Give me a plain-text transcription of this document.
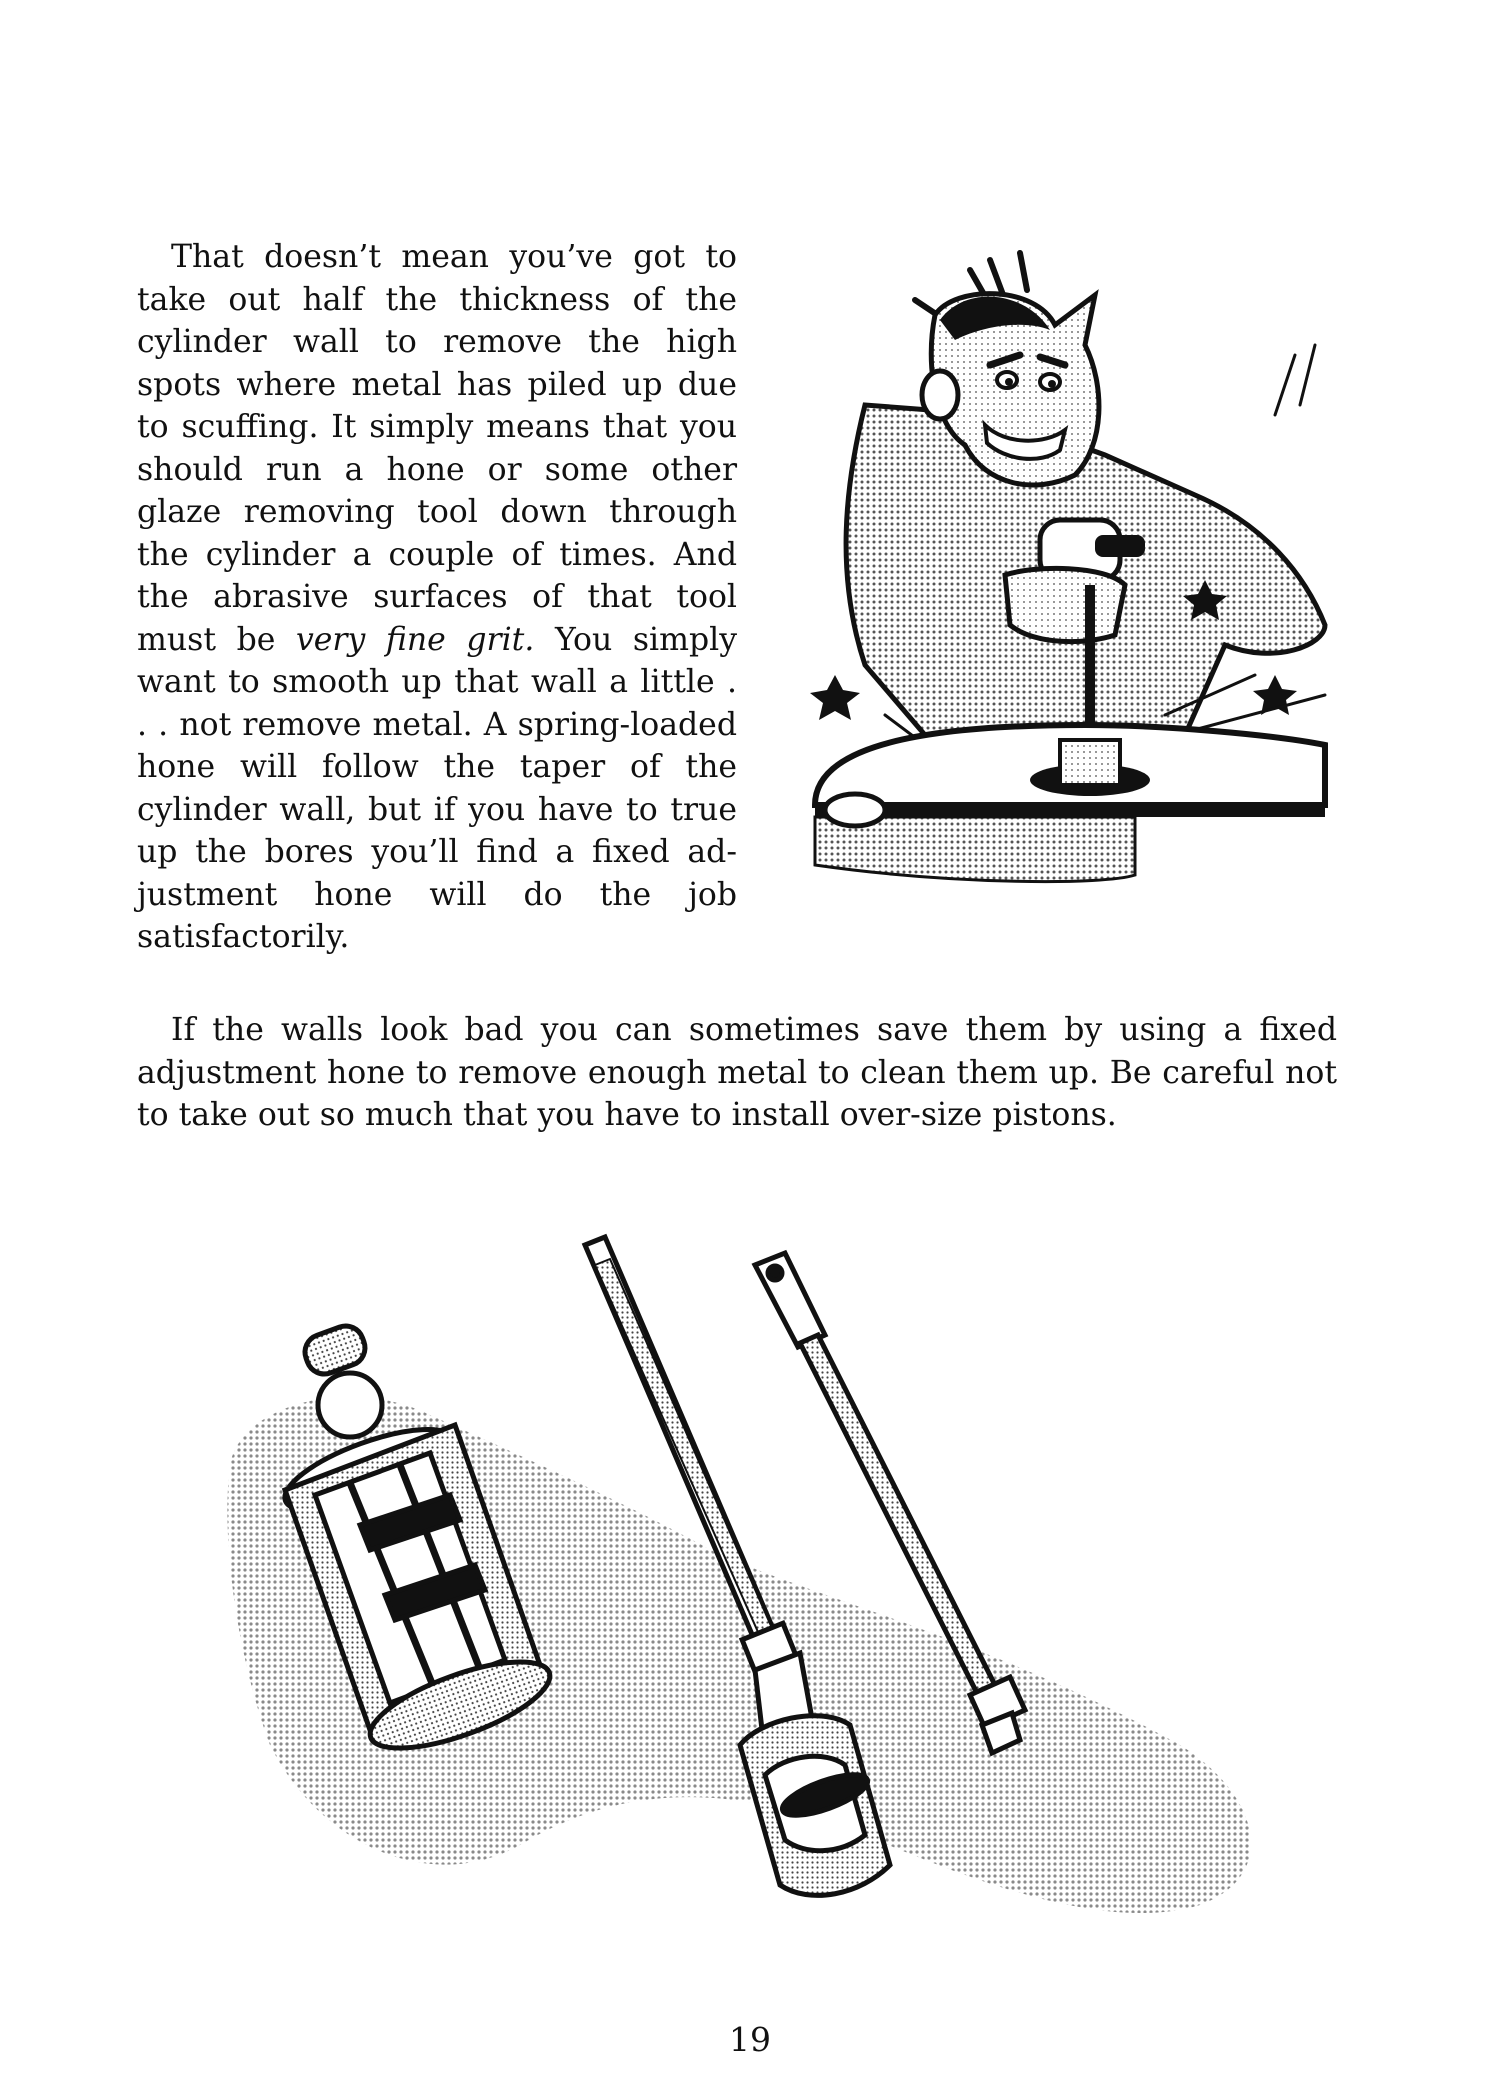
That doesn’t mean you’ve got to take out half the thickness of the cylinder wall to remove the high spots where metal has piled up due to scuffing. It simply means that you should run a hone or some other glaze removing tool down through the cylinder a couple of times. And the abrasive surfaces of that tool must be very fine grit. You simply want to smooth up that wall a little . . . not remove metal. A spring-loaded hone will follow the taper of the cylinder wall, but if you have to true up the bores you’ll find a fixed ad-justment hone will do the job satisfactorily.

If the walls look bad you can sometimes save them by using a fixed adjustment hone to remove enough metal to clean them up. Be careful not to take out so much that you have to install over-size pistons.

19
